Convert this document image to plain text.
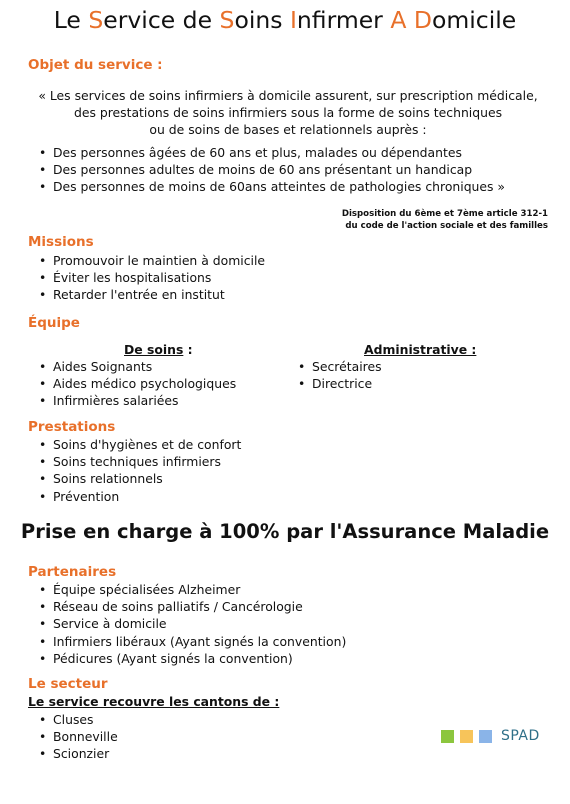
Le Service de Soins Infirmer A Domicile
Objet du service :
« Les services de soins infirmiers à domicile assurent, sur prescription médicale,
des prestations de soins infirmiers sous la forme de soins techniques
ou de soins de bases et relationnels auprès :
• Des personnes âgées de 60 ans et plus, malades ou dépendantes
• Des personnes adultes de moins de 60 ans présentant un handicap
• Des personnes de moins de 60ans atteintes de pathologies chroniques »
Disposition du 6ème et 7ème article 312-1
du code de l'action sociale et des familles
Missions
• Promouvoir le maintien à domicile
• Éviter les hospitalisations
• Retarder l'entrée en institut
Équipe
De soins :
• Aides Soignants
• Aides médico psychologiques
• Infirmières salariées
Administrative :
• Secrétaires
• Directrice
Prestations
• Soins d'hygiènes et de confort
• Soins techniques infirmiers
• Soins relationnels
• Prévention
Prise en charge à 100% par l'Assurance Maladie
Partenaires
• Équipe spécialisées Alzheimer
• Réseau de soins palliatifs / Cancérologie
• Service à domicile
• Infirmiers libéraux (Ayant signés la convention)
• Pédicures (Ayant signés la convention)
Le secteur
Le service recouvre les cantons de :
• Cluses
• Bonneville
• Scionzier
SPAD
